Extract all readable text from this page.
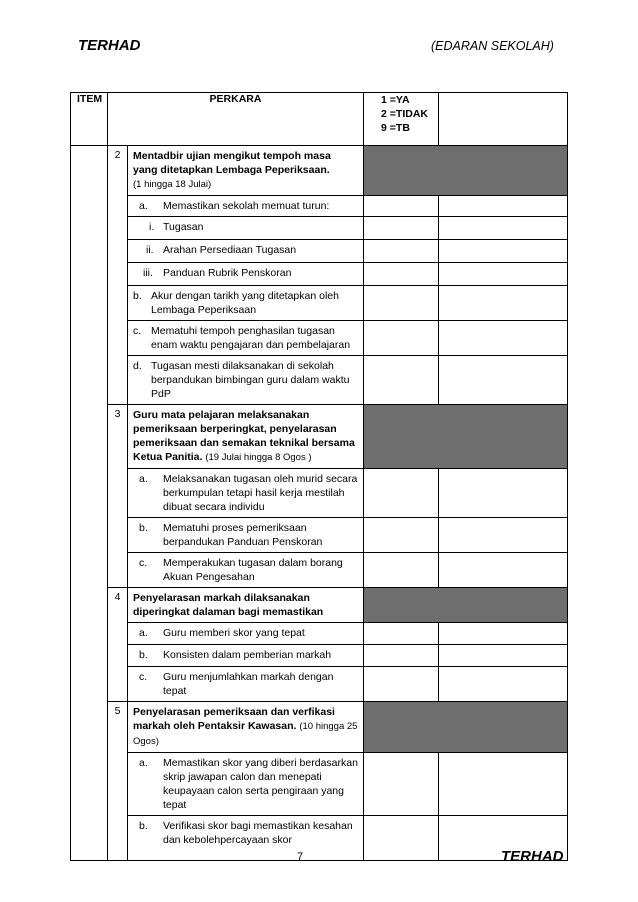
TERHAD	(EDARAN SEKOLAH)
ITEM	PERKARA		1 =YA
2 =TIDAK
9 =TB	

	2	Mentadbir ujian mengikut tempoh masa yang ditetapkan Lembaga Peperiksaan.
(1 hingga 18 Julai)		

		a. Memastikan sekolah memuat turun:		

		i. Tugasan		

		ii. Arahan Persediaan Tugasan		

		iii. Panduan Rubrik Penskoran		

		b. Akur dengan tarikh yang ditetapkan oleh Lembaga Peperiksaan		

		c. Mematuhi tempoh penghasilan tugasan enam waktu pengajaran dan pembelajaran		

		d. Tugasan mesti dilaksanakan di sekolah berpandukan bimbingan guru dalam waktu PdP		

	3	Guru mata pelajaran melaksanakan pemeriksaan berperingkat, penyelarasan pemeriksaan dan semakan teknikal bersama Ketua Panitia. (19 Julai hingga 8 Ogos )		

		a. Melaksanakan tugasan oleh murid secara berkumpulan tetapi hasil kerja mestilah dibuat secara individu		

		b. Mematuhi proses pemeriksaan berpandukan Panduan Penskoran		

		c. Memperakukan tugasan dalam borang Akuan Pengesahan		

	4	Penyelarasan markah dilaksanakan diperingkat dalaman bagi memastikan		

		a. Guru memberi skor yang tepat		

		b. Konsisten dalam pemberian markah		

		c. Guru menjumlahkan markah dengan tepat		

	5	Penyelarasan pemeriksaan dan verfikasi markah oleh Pentaksir Kawasan. (10 hingga 25 Ogos)		

		a. Memastikan skor yang diberi berdasarkan skrip jawapan calon dan menepati keupayaan calon serta pengiraan yang tepat		

		b. Verifikasi skor bagi memastikan kesahan dan kebolehpercayaan skor		

7	TERHAD
